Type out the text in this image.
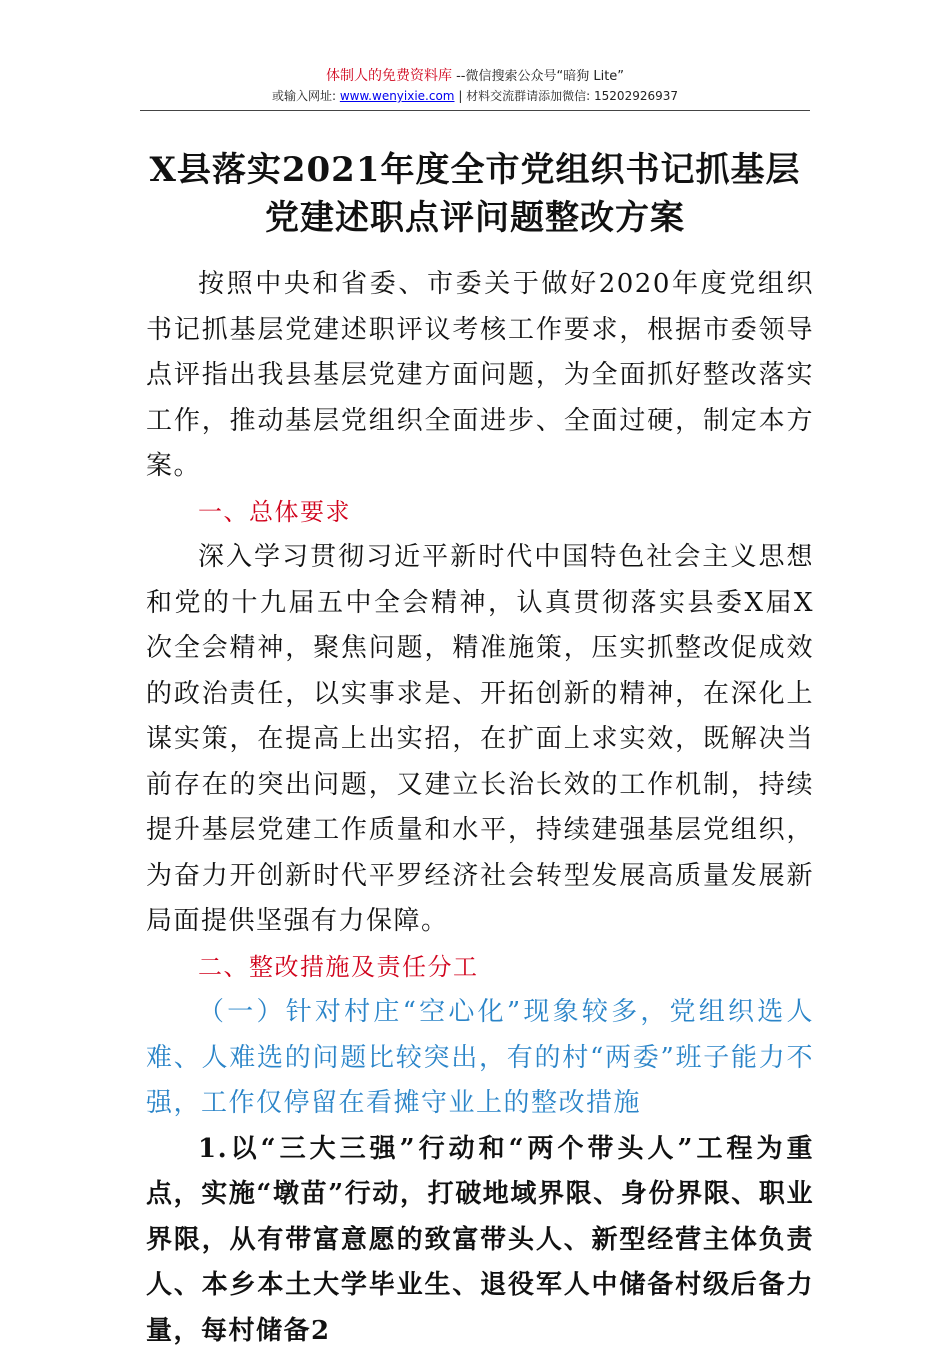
体制人的免费资料库 --微信搜索公众号“暗狗 Lite”
或输入网址: www.wenyixie.com | 材料交流群请添加微信: 15202926937
X县落实2021年度全市党组织书记抓基层
党建述职点评问题整改方案

按照中央和省委、市委关于做好2020年度党组织书记抓基层党建述职评议考核工作要求，根据市委领导点评指出我县基层党建方面问题，为全面抓好整改落实工作，推动基层党组织全面进步、全面过硬，制定本方案。

一、总体要求

深入学习贯彻习近平新时代中国特色社会主义思想和党的十九届五中全会精神，认真贯彻落实县委X届X次全会精神，聚焦问题，精准施策，压实抓整改促成效的政治责任，以实事求是、开拓创新的精神，在深化上谋实策，在提高上出实招，在扩面上求实效，既解决当前存在的突出问题，又建立长治长效的工作机制，持续提升基层党建工作质量和水平，持续建强基层党组织，为奋力开创新时代平罗经济社会转型发展高质量发展新局面提供坚强有力保障。

二、整改措施及责任分工

（一）针对村庄“空心化”现象较多，党组织选人难、人难选的问题比较突出，有的村“两委”班子能力不强，工作仅停留在看摊守业上的整改措施

1.以“三大三强”行动和“两个带头人”工程为重点，实施“墩苗”行动，打破地域界限、身份界限、职业界限，从有带富意愿的致富带头人、新型经营主体负责人、本乡本土大学毕业生、退役军人中储备村级后备力量，每村储备2
